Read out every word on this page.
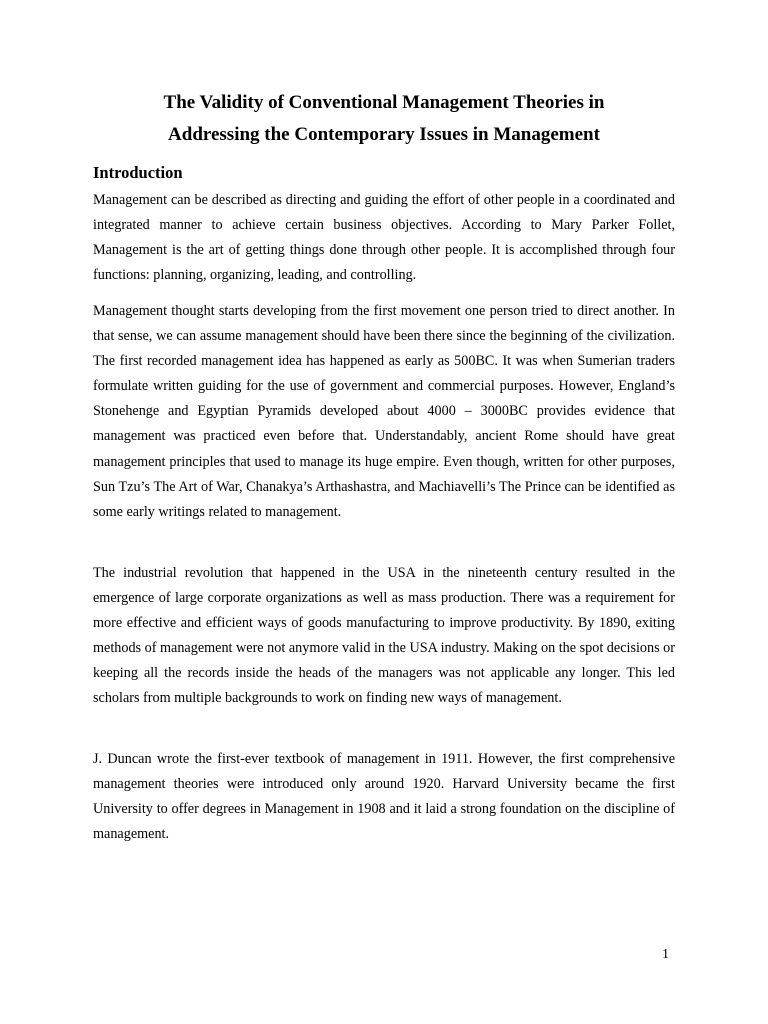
The Validity of Conventional Management Theories in
Addressing the Contemporary Issues in Management
Introduction

Management can be described as directing and guiding the effort of other people in a coordinated and integrated manner to achieve certain business objectives. According to Mary Parker Follet, Management is the art of getting things done through other people. It is accomplished through four functions: planning, organizing, leading, and controlling.

Management thought starts developing from the first movement one person tried to direct another. In that sense, we can assume management should have been there since the beginning of the civilization. The first recorded management idea has happened as early as 500BC. It was when Sumerian traders formulate written guiding for the use of government and commercial purposes. However, England’s Stonehenge and Egyptian Pyramids developed about 4000 – 3000BC provides evidence that management was practiced even before that. Understandably, ancient Rome should have great management principles that used to manage its huge empire. Even though, written for other purposes, Sun Tzu’s The Art of War, Chanakya’s Arthashastra, and Machiavelli’s The Prince can be identified as some early writings related to management.

The industrial revolution that happened in the USA in the nineteenth century resulted in the emergence of large corporate organizations as well as mass production. There was a requirement for more effective and efficient ways of goods manufacturing to improve productivity. By 1890, exiting methods of management were not anymore valid in the USA industry. Making on the spot decisions or keeping all the records inside the heads of the managers was not applicable any longer. This led scholars from multiple backgrounds to work on finding new ways of management.

J. Duncan wrote the first-ever textbook of management in 1911. However, the first comprehensive management theories were introduced only around 1920. Harvard University became the first University to offer degrees in Management in 1908 and it laid a strong foundation on the discipline of management.

1
